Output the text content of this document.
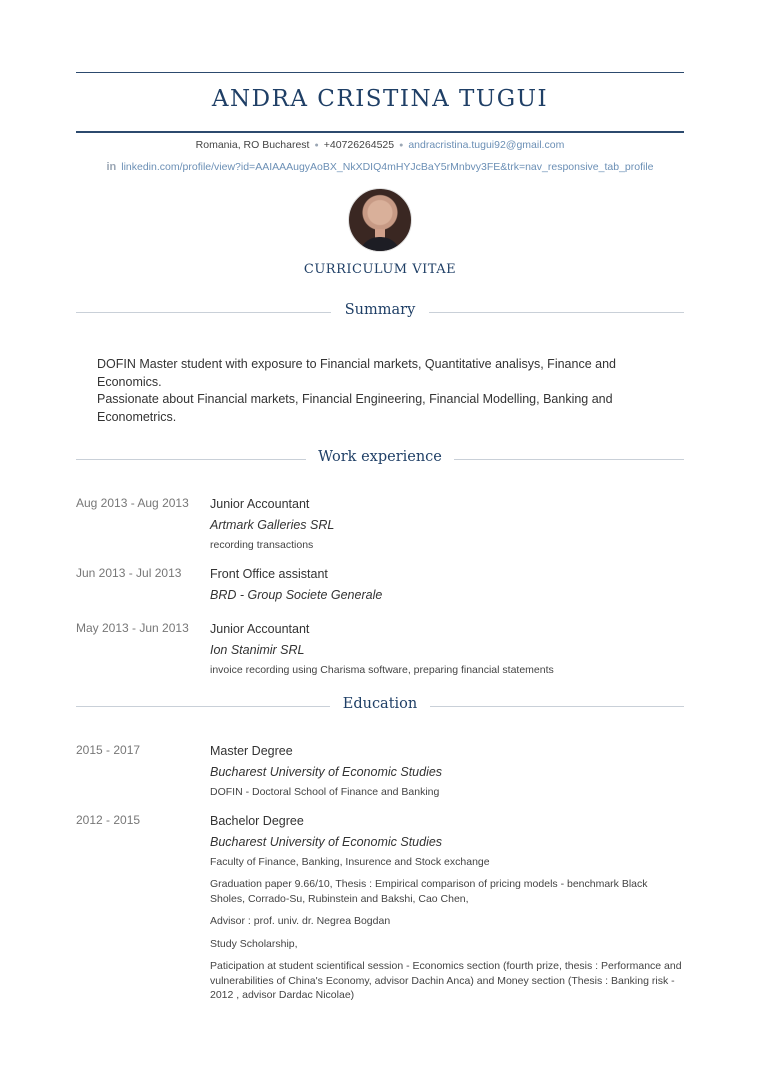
ANDRA CRISTINA TUGUI
Romania, RO Bucharest ● +40726264525 ● andracristina.tugui92@gmail.com
in linkedin.com/profile/view?id=AAIAAAugyAoBX_NkXDIQ4mHYJcBaY5rMnbvy3FE&trk=nav_responsive_tab_profile
CURRICULUM VITAE
Summary

DOFIN Master student with exposure to Financial markets, Quantitative analisys, Finance and Economics.

Passionate about Financial markets, Financial Engineering, Financial Modelling, Banking and Econometrics.

Work experience
Aug 2013 - Aug 2013 Junior Accountant
Artmark Galleries SRL
recording transactions
Jun 2013 - Jul 2013 Front Office assistant
BRD - Group Societe Generale
May 2013 - Jun 2013 Junior Accountant
Ion Stanimir SRL
invoice recording using Charisma software, preparing financial statements
Education
2015 - 2017	Master Degree
Bucharest University of Economic Studies
DOFIN - Doctoral School of Finance and Banking
2012 - 2015	Bachelor Degree
Bucharest University of Economic Studies
Faculty of Finance, Banking, Insurence and Stock exchange
Graduation paper 9.66/10, Thesis : Empirical comparison of pricing models - benchmark Black Sholes, Corrado-Su, Rubinstein and Bakshi, Cao Chen,
Advisor : prof. univ. dr. Negrea Bogdan
Study Scholarship,
Paticipation at student scientifical session - Economics section (fourth prize, thesis : Performance and vulnerabilities of China's Economy, advisor Dachin Anca) and Money section (Thesis : Banking risk - 2012 , advisor Dardac Nicolae)
